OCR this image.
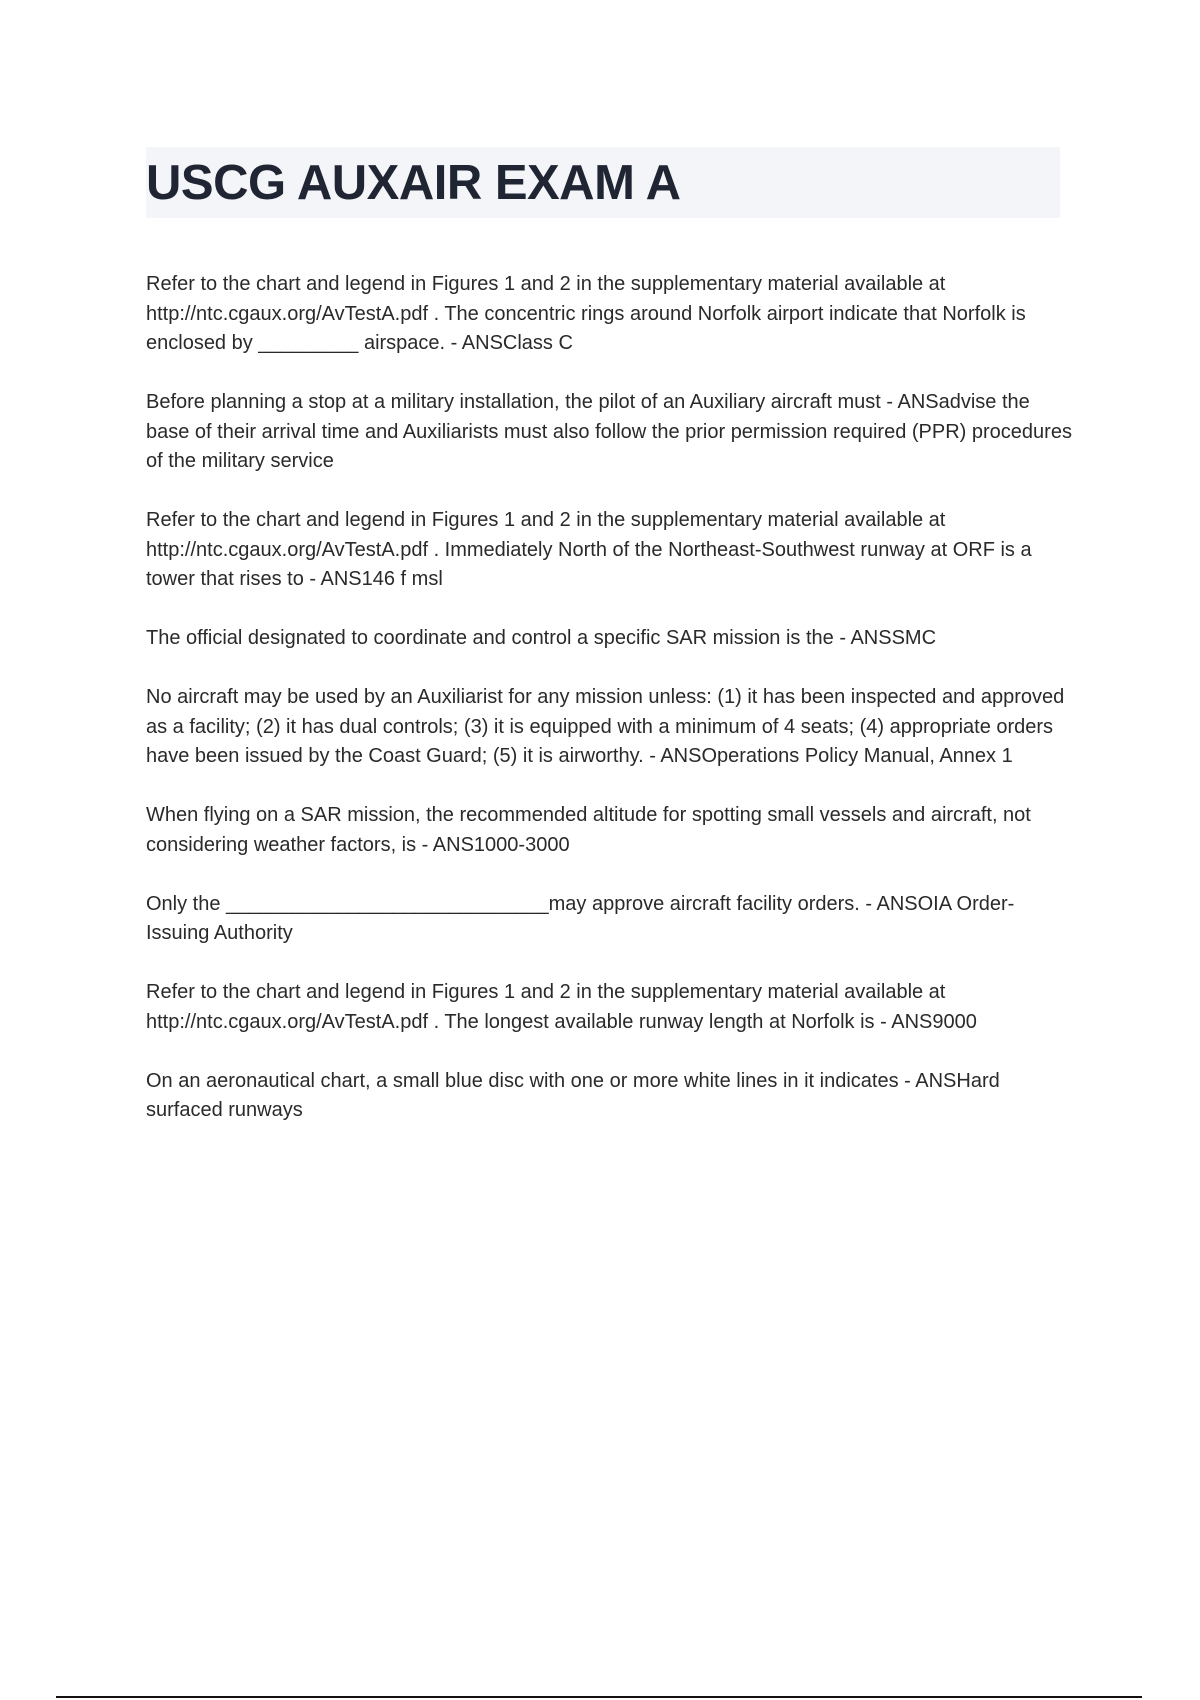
USCG AUXAIR EXAM A

Refer to the chart and legend in Figures 1 and 2 in the supplementary material available at http://ntc.cgaux.org/AvTestA.pdf . The concentric rings around Norfolk airport indicate that Norfolk is enclosed by _________ airspace. - ANSClass C

Before planning a stop at a military installation, the pilot of an Auxiliary aircraft must - ANSadvise the base of their arrival time and Auxiliarists must also follow the prior permission required (PPR) procedures of the military service

Refer to the chart and legend in Figures 1 and 2 in the supplementary material available at http://ntc.cgaux.org/AvTestA.pdf . Immediately North of the Northeast-Southwest runway at ORF is a tower that rises to - ANS146 f msl

The official designated to coordinate and control a specific SAR mission is the - ANSSMC

No aircraft may be used by an Auxiliarist for any mission unless: (1) it has been inspected and approved as a facility; (2) it has dual controls; (3) it is equipped with a minimum of 4 seats; (4) appropriate orders have been issued by the Coast Guard; (5) it is airworthy. - ANSOperations Policy Manual, Annex 1

When flying on a SAR mission, the recommended altitude for spotting small vessels and aircraft, not considering weather factors, is - ANS1000-3000

Only the _____________________________may approve aircraft facility orders. - ANSOIA Order-Issuing Authority

Refer to the chart and legend in Figures 1 and 2 in the supplementary material available at http://ntc.cgaux.org/AvTestA.pdf . The longest available runway length at Norfolk is - ANS9000

On an aeronautical chart, a small blue disc with one or more white lines in it indicates - ANSHard surfaced runways
